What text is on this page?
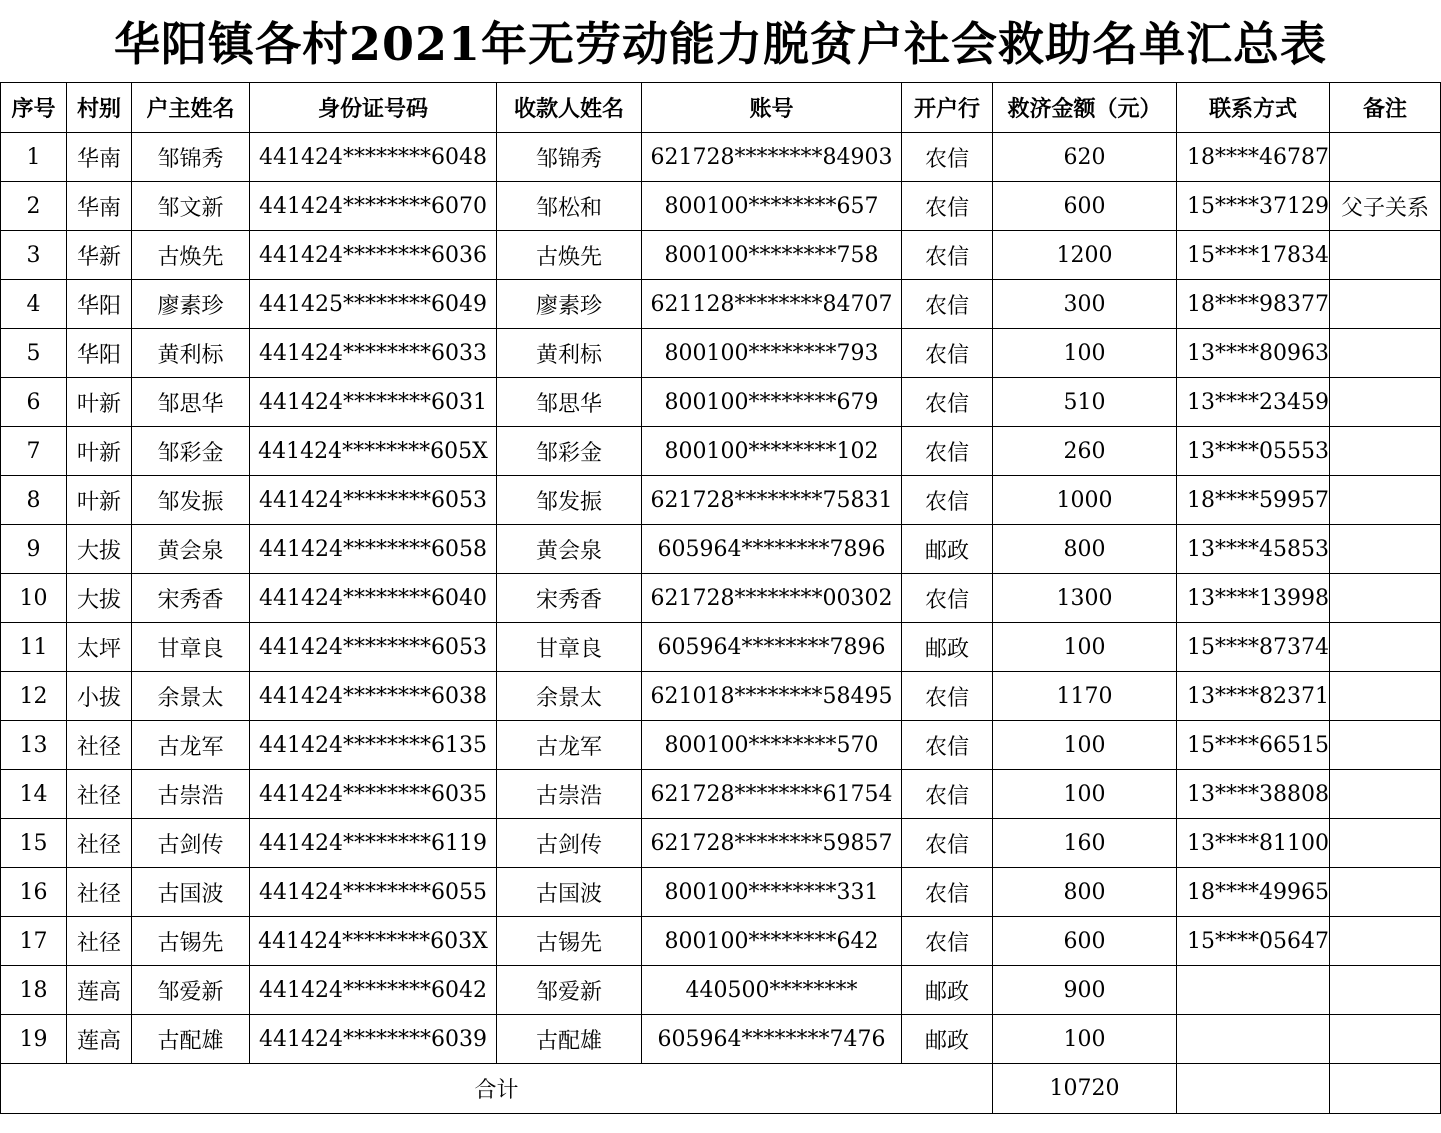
华阳镇各村2021年无劳动能力脱贫户社会救助名单汇总表
序号	村别	户主姓名	身份证号码	收款人姓名	账号	开户行	救济金额（元）	联系方式	备注
1	华南	邹锦秀	441424********6048	邹锦秀	621728********84903	农信	620	18****46787	
2	华南	邹文新	441424********6070	邹松和	800100********657	农信	600	15****37129	父子关系
3	华新	古焕先	441424********6036	古焕先	800100********758	农信	1200	15****17834	
4	华阳	廖素珍	441425********6049	廖素珍	621128********84707	农信	300	18****98377	
5	华阳	黄利标	441424********6033	黄利标	800100********793	农信	100	13****80963	
6	叶新	邹思华	441424********6031	邹思华	800100********679	农信	510	13****23459	
7	叶新	邹彩金	441424********605X	邹彩金	800100********102	农信	260	13****05553	
8	叶新	邹发振	441424********6053	邹发振	621728********75831	农信	1000	18****59957	
9	大拔	黄会泉	441424********6058	黄会泉	605964********7896	邮政	800	13****45853	
10	大拔	宋秀香	441424********6040	宋秀香	621728********00302	农信	1300	13****13998	
11	太坪	甘章良	441424********6053	甘章良	605964********7896	邮政	100	15****87374	
12	小拔	余景太	441424********6038	余景太	621018********58495	农信	1170	13****82371	
13	社径	古龙军	441424********6135	古龙军	800100********570	农信	100	15****66515	
14	社径	古崇浩	441424********6035	古崇浩	621728********61754	农信	100	13****38808	
15	社径	古剑传	441424********6119	古剑传	621728********59857	农信	160	13****81100	
16	社径	古国波	441424********6055	古国波	800100********331	农信	800	18****49965	
17	社径	古锡先	441424********603X	古锡先	800100********642	农信	600	15****05647	
18	莲高	邹爱新	441424********6042	邹爱新	440500********	邮政	900		
19	莲高	古配雄	441424********6039	古配雄	605964********7476	邮政	100		
合计							10720		
